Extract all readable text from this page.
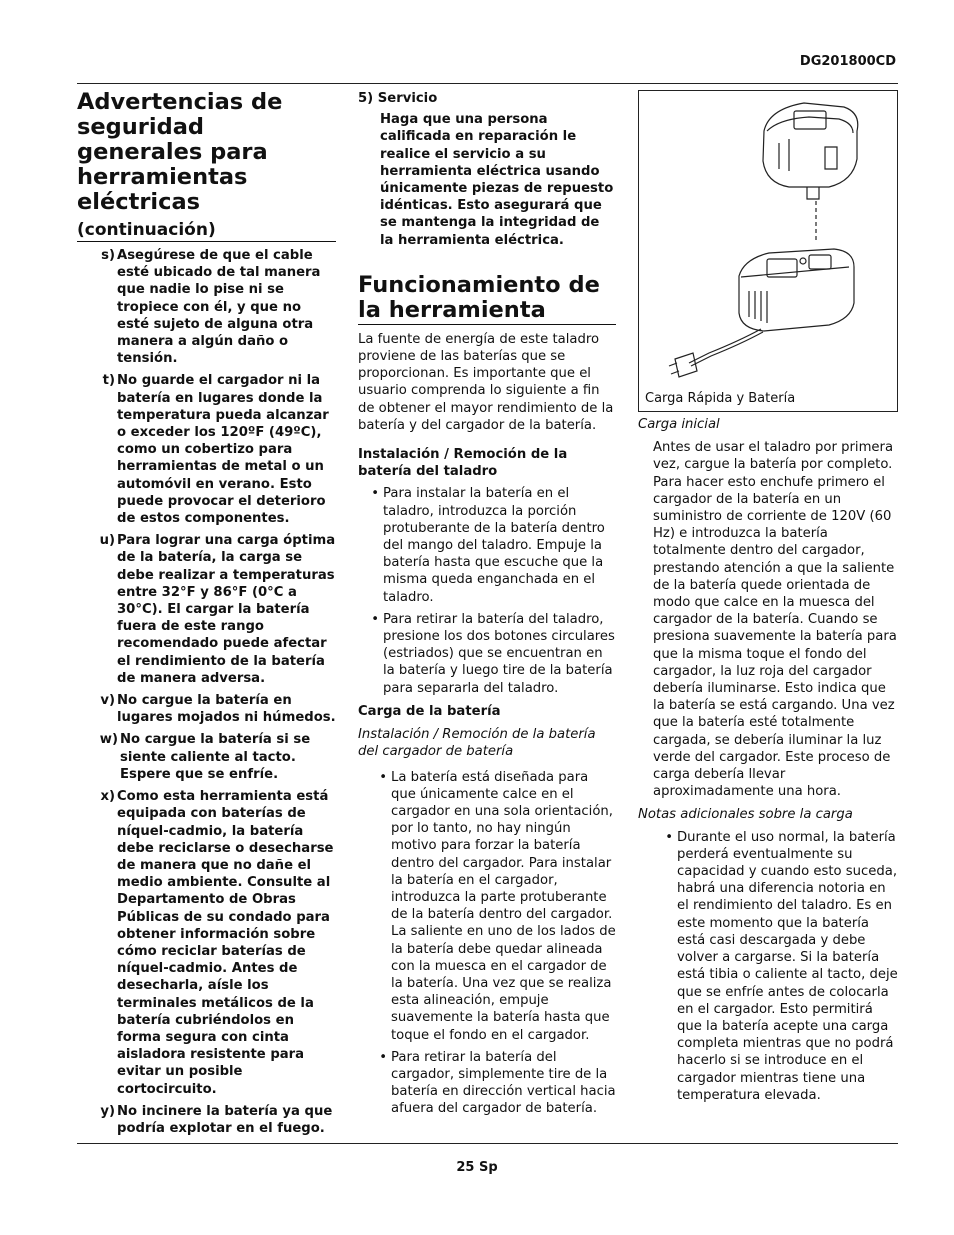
DG201800CD
Advertencias de seguridad generales para herramientas eléctricas
(continuación)
s) Asegúrese de que el cable esté ubicado de tal manera que nadie lo pise ni se tropiece con él, y que no esté sujeto de alguna otra manera a algún daño o tensión.
t) No guarde el cargador ni la batería en lugares donde la temperatura pueda alcanzar o exceder los 120ºF (49ºC), como un cobertizo para herramientas de metal o un automóvil en verano. Esto puede provocar el deterioro de estos componentes.
u) Para lograr una carga óptima de la batería, la carga se debe realizar a temperaturas entre 32°F y 86°F (0°C a 30°C). El cargar la batería fuera de este rango recomendado puede afectar el rendimiento de la batería de manera adversa.
v) No cargue la batería en lugares mojados ni húmedos.
w) No cargue la batería si se siente caliente al tacto. Espere que se enfríe.
x) Como esta herramienta está equipada con baterías de níquel-cadmio, la batería debe reciclarse o desecharse de manera que no dañe el medio ambiente. Consulte al Departamento de Obras Públicas de su condado para obtener información sobre cómo reciclar baterías de níquel-cadmio. Antes de desecharla, aísle los terminales metálicos de la batería cubriéndolos en forma segura con cinta aisladora resistente para evitar un posible cortocircuito.
y) No incinere la batería ya que podría explotar en el fuego.
5) Servicio
Haga que una persona calificada en reparación le realice el servicio a su herramienta eléctrica usando únicamente piezas de repuesto idénticas. Esto asegurará que se mantenga la integridad de la herramienta eléctrica.
Funcionamiento de la herramienta

La fuente de energía de este taladro proviene de las baterías que se proporcionan. Es importante que el usuario comprenda lo siguiente a fin de obtener el mayor rendimiento de la batería y del cargador de la batería.

Instalación / Remoción de la batería del taladro

• Para instalar la batería en el taladro, introduzca la porción protuberante de la batería dentro del mango del taladro. Empuje la batería hasta que escuche que la misma queda enganchada en el taladro.
• Para retirar la batería del taladro, presione los dos botones circulares (estriados) que se encuentran en la batería y luego tire de la batería para separarla del taladro.

Carga de la batería

Instalación / Remoción de la batería del cargador de batería

• La batería está diseñada para que únicamente calce en el cargador en una sola orientación, por lo tanto, no hay ningún motivo para forzar la batería dentro del cargador. Para instalar la batería en el cargador, introduzca la parte protuberante de la batería dentro del cargador. La saliente en uno de los lados de la batería debe quedar alineada con la muesca en el cargador de la batería. Una vez que se realiza esta alineación, empuje suavemente la batería hasta que toque el fondo en el cargador.
• Para retirar la batería del cargador, simplemente tire de la batería en dirección vertical hacia afuera del cargador de batería.
Carga Rápida y Batería

Carga inicial

Antes de usar el taladro por primera vez, cargue la batería por completo. Para hacer esto enchufe primero el cargador de la batería en un suministro de corriente de 120V (60 Hz) e introduzca la batería totalmente dentro del cargador, prestando atención a que la saliente de la batería quede orientada de modo que calce en la muesca del cargador de la batería. Cuando se presiona suavemente la batería para que la misma toque el fondo del cargador, la luz roja del cargador debería iluminarse. Esto indica que la batería se está cargando. Una vez que la batería esté totalmente cargada, se debería iluminar la luz verde del cargador. Este proceso de carga debería llevar aproximadamente una hora.

Notas adicionales sobre la carga

• Durante el uso normal, la batería perderá eventualmente su capacidad y cuando esto suceda, habrá una diferencia notoria en el rendimiento del taladro. Es en este momento que la batería está casi descargada y debe volver a cargarse. Si la batería está tibia o caliente al tacto, deje que se enfríe antes de colocarla en el cargador. Esto permitirá que la batería acepte una carga completa mientras que no podrá hacerlo si se introduce en el cargador mientras tiene una temperatura elevada.
25 Sp
